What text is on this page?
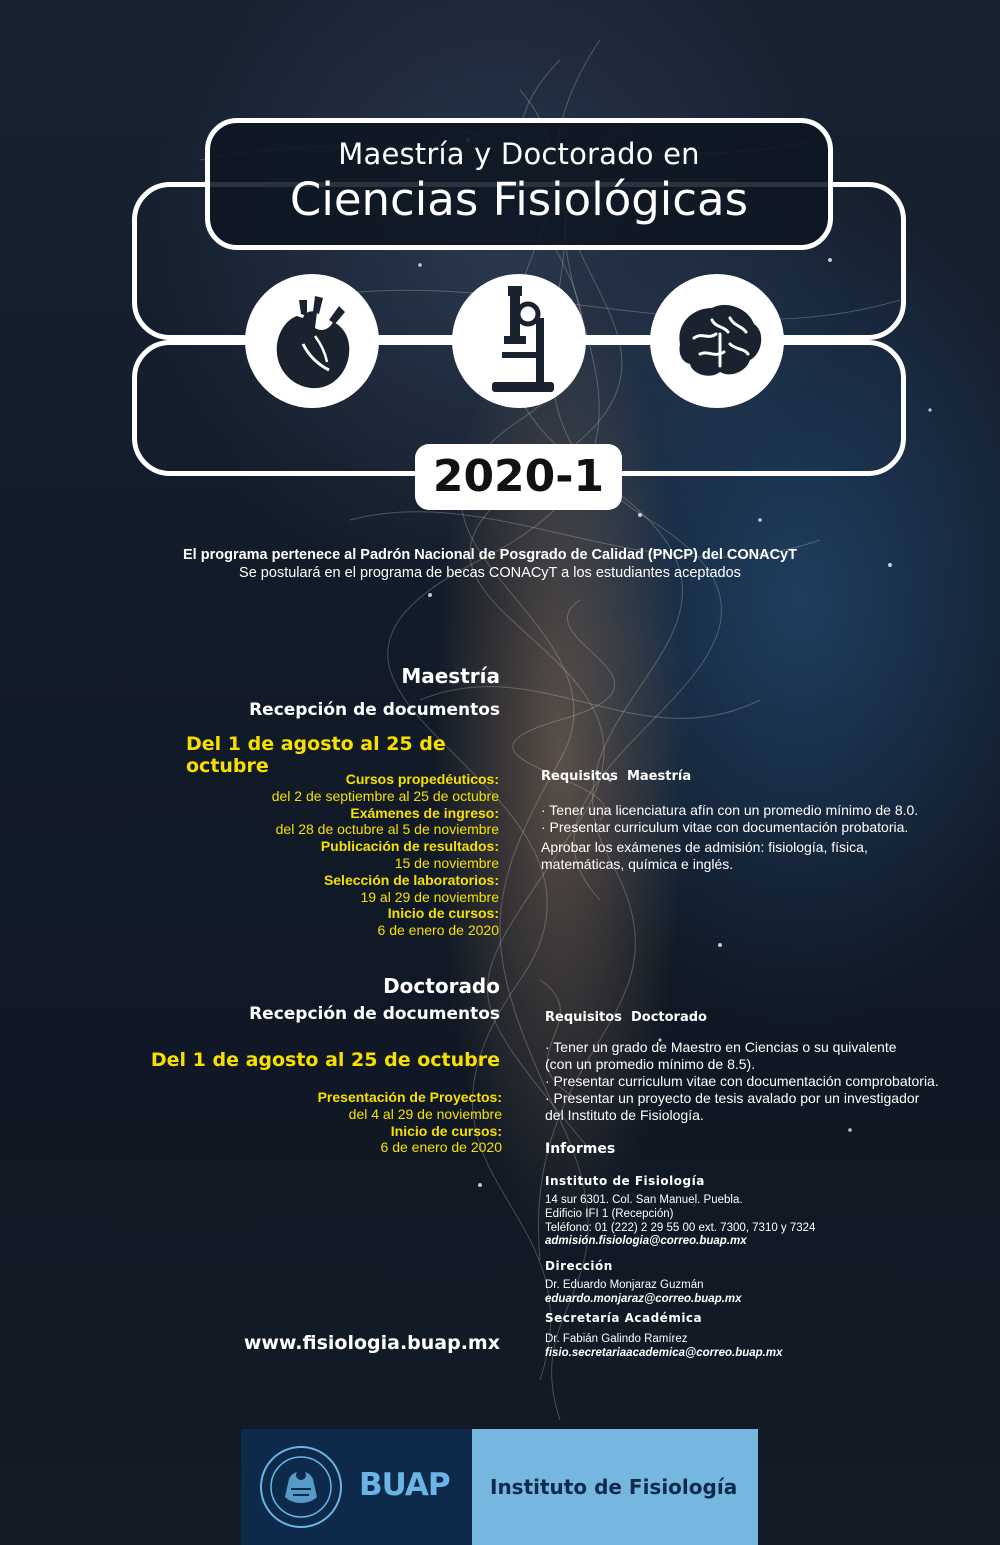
Maestría y Doctorado en
Ciencias Fisiológicas
2020-1
El programa pertenece al Padrón Nacional de Posgrado de Calidad (PNCP) del CONACyT
Se postulará en el programa de becas CONACyT a los estudiantes aceptados
Maestría
Recepción de documentos
Del 1 de agosto al 25 de octubre
Cursos propedéuticos:
del 2 de septiembre al 25 de octubre
Exámenes de ingreso:
del 28 de octubre al 5 de noviembre
Publicación de resultados:
15 de noviembre
Selección de laboratorios:
19 al 29 de noviembre
Inicio de cursos:
6 de enero de 2020
Requisitos  Maestría
· Tener una licenciatura afín con un promedio mínimo de 8.0.
· Presentar curriculum vitae con documentación probatoria.
Aprobar los exámenes de admisión: fisiología, física,
matemáticas, química e inglés.
Doctorado
Recepción de documentos
Del 1 de agosto al 25 de octubre
Presentación de Proyectos:
del 4 al 29 de noviembre
Inicio de cursos:
6 de enero de 2020
Requisitos  Doctorado
· Tener un grado de Maestro en Ciencias o su quivalente
(con un promedio mínimo de 8.5).
· Presentar curriculum vitae con documentación comprobatoria.
· Presentar un proyecto de tesis avalado por un investigador
del Instituto de Fisiología.
Informes
Instituto de Fisiología
14 sur 6301. Col. San Manuel. Puebla.
Edificio IFI 1 (Recepción)
Teléfono: 01 (222) 2 29 55 00 ext. 7300, 7310 y 7324
admisión.fisiologia@correo.buap.mx
Dirección
Dr. Eduardo Monjaraz Guzmán
eduardo.monjaraz@correo.buap.mx
Secretaría Académica
Dr. Fabián Galindo Ramírez
fisio.secretariaacademica@correo.buap.mx
www.fisiologia.buap.mx
BUAP Instituto de Fisiología
